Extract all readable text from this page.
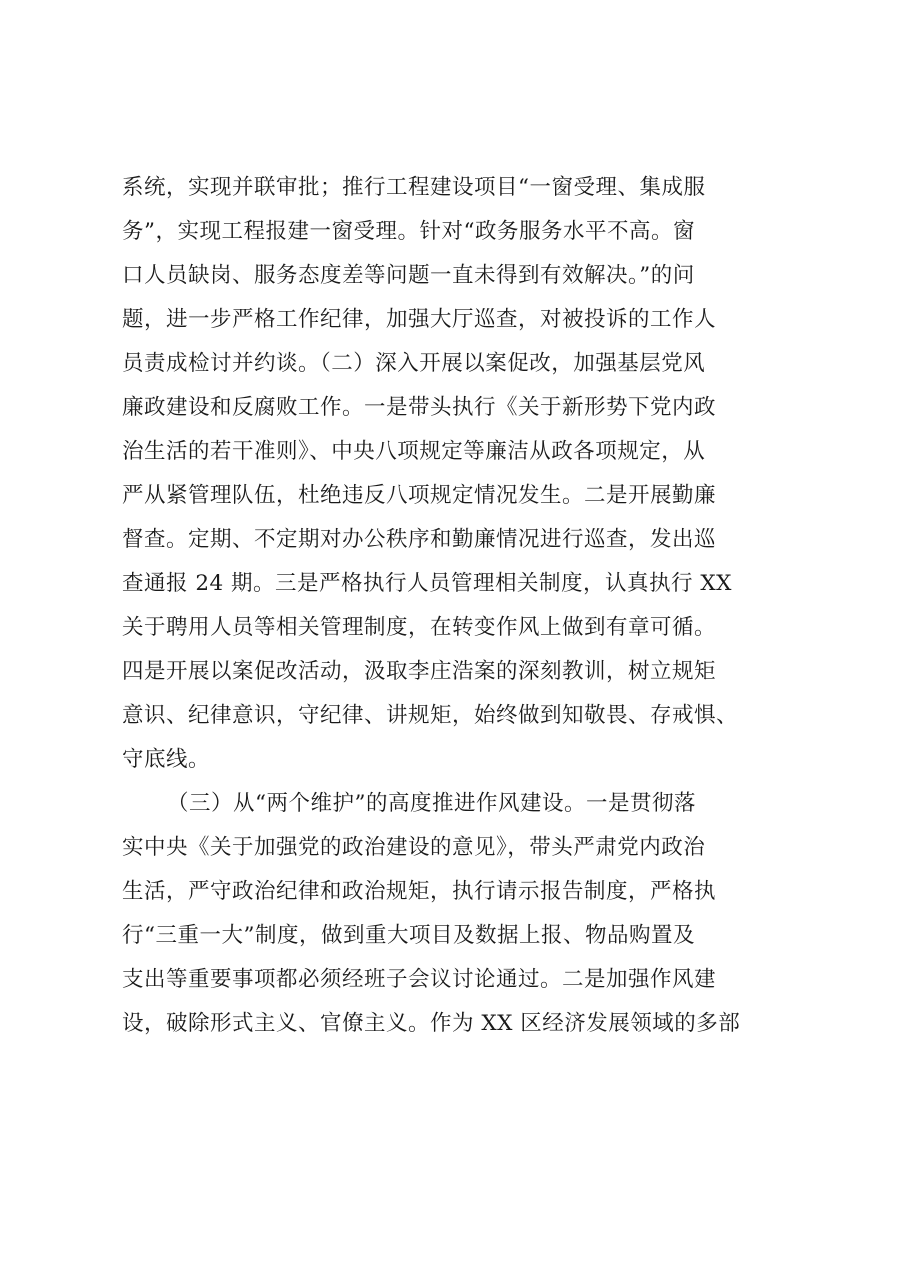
系统，实现并联审批；推行工程建设项目“一窗受理、集成服
务”，实现工程报建一窗受理。针对“政务服务水平不高。窗
口人员缺岗、服务态度差等问题一直未得到有效解决。”的问
题，进一步严格工作纪律，加强大厅巡查，对被投诉的工作人
员责成检讨并约谈。（二）深入开展以案促改，加强基层党风
廉政建设和反腐败工作。一是带头执行《关于新形势下党内政
治生活的若干准则》、中央八项规定等廉洁从政各项规定，从
严从紧管理队伍，杜绝违反八项规定情况发生。二是开展勤廉
督查。定期、不定期对办公秩序和勤廉情况进行巡查，发出巡
查通报 24 期。三是严格执行人员管理相关制度，认真执行 XX
关于聘用人员等相关管理制度，在转变作风上做到有章可循。
四是开展以案促改活动，汲取李庄浩案的深刻教训，树立规矩
意识、纪律意识，守纪律、讲规矩，始终做到知敬畏、存戒惧、
守底线。
（三）从“两个维护”的高度推进作风建设。一是贯彻落
实中央《关于加强党的政治建设的意见》，带头严肃党内政治
生活，严守政治纪律和政治规矩，执行请示报告制度，严格执
行“三重一大”制度，做到重大项目及数据上报、物品购置及
支出等重要事项都必须经班子会议讨论通过。二是加强作风建
设，破除形式主义、官僚主义。作为 XX 区经济发展领域的多部
